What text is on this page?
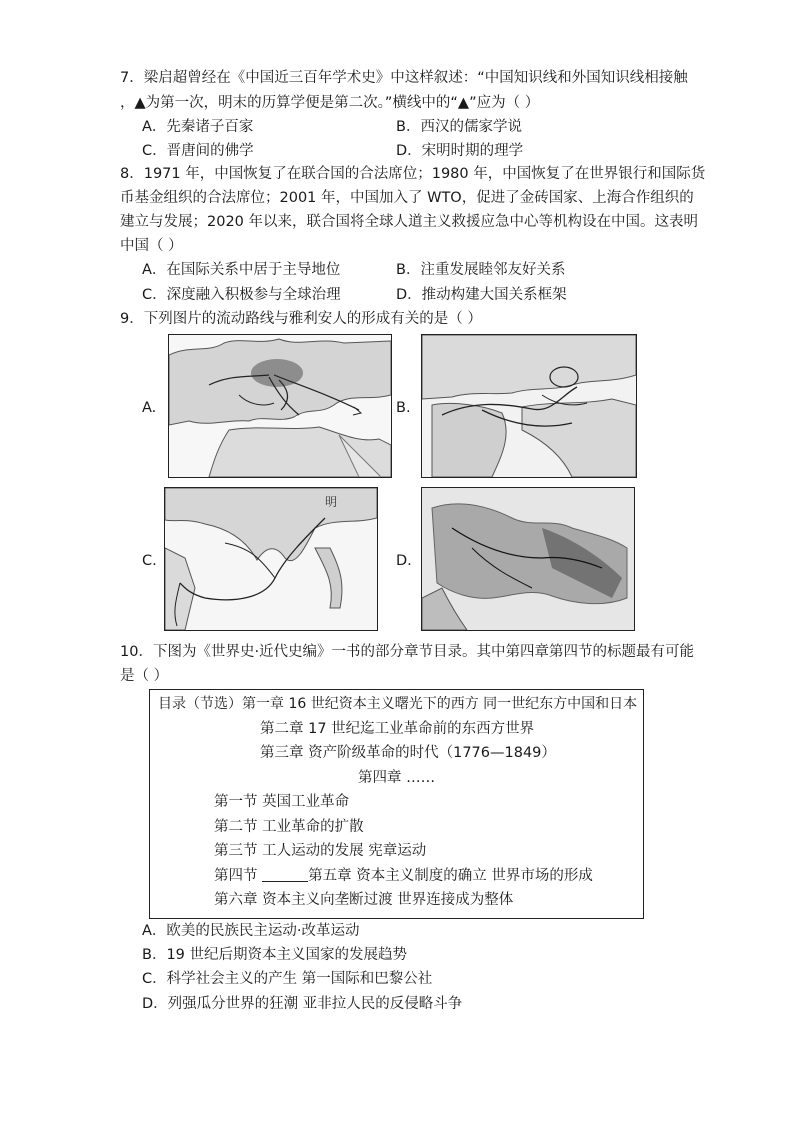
7．梁启超曾经在《中国近三百年学术史》中这样叙述：“中国知识线和外国知识线相接触
，▲为第一次，明末的历算学便是第二次。”横线中的“▲”应为（ ）
A．先秦诸子百家	B．西汉的儒家学说
C．晋唐间的佛学	D．宋明时期的理学
8．1971 年，中国恢复了在联合国的合法席位；1980 年，中国恢复了在世界银行和国际货
币基金组织的合法席位；2001 年，中国加入了 WTO，促进了金砖国家、上海合作组织的
建立与发展；2020 年以来，联合国将全球人道主义救援应急中心等机构设在中国。这表明
中国（ ）
A．在国际关系中居于主导地位	B．注重发展睦邻友好关系
C．深度融入积极参与全球治理	D．推动构建大国关系框架
9．下列图片的流动路线与雅利安人的形成有关的是（ ）
A.	B.
C.
明
D.
10．下图为《世界史·近代史编》一书的部分章节目录。其中第四章第四节的标题最有可能
是（ ）
目录（节选）第一章 16 世纪资本主义曙光下的西方 同一世纪东方中国和日本
第二章 17 世纪迄工业革命前的东西方世界
第三章 资产阶级革命的时代（1776—1849）
第四章 ……
第一节 英国工业革命
第二节 工业革命的扩散
第三节 工人运动的发展 宪章运动
第四节	第五章 资本主义制度的确立 世界市场的形成
第六章 资本主义向垄断过渡 世界连接成为整体
A．欧美的民族民主运动·改革运动
B．19 世纪后期资本主义国家的发展趋势
C．科学社会主义的产生 第一国际和巴黎公社
D．列强瓜分世界的狂潮 亚非拉人民的反侵略斗争
